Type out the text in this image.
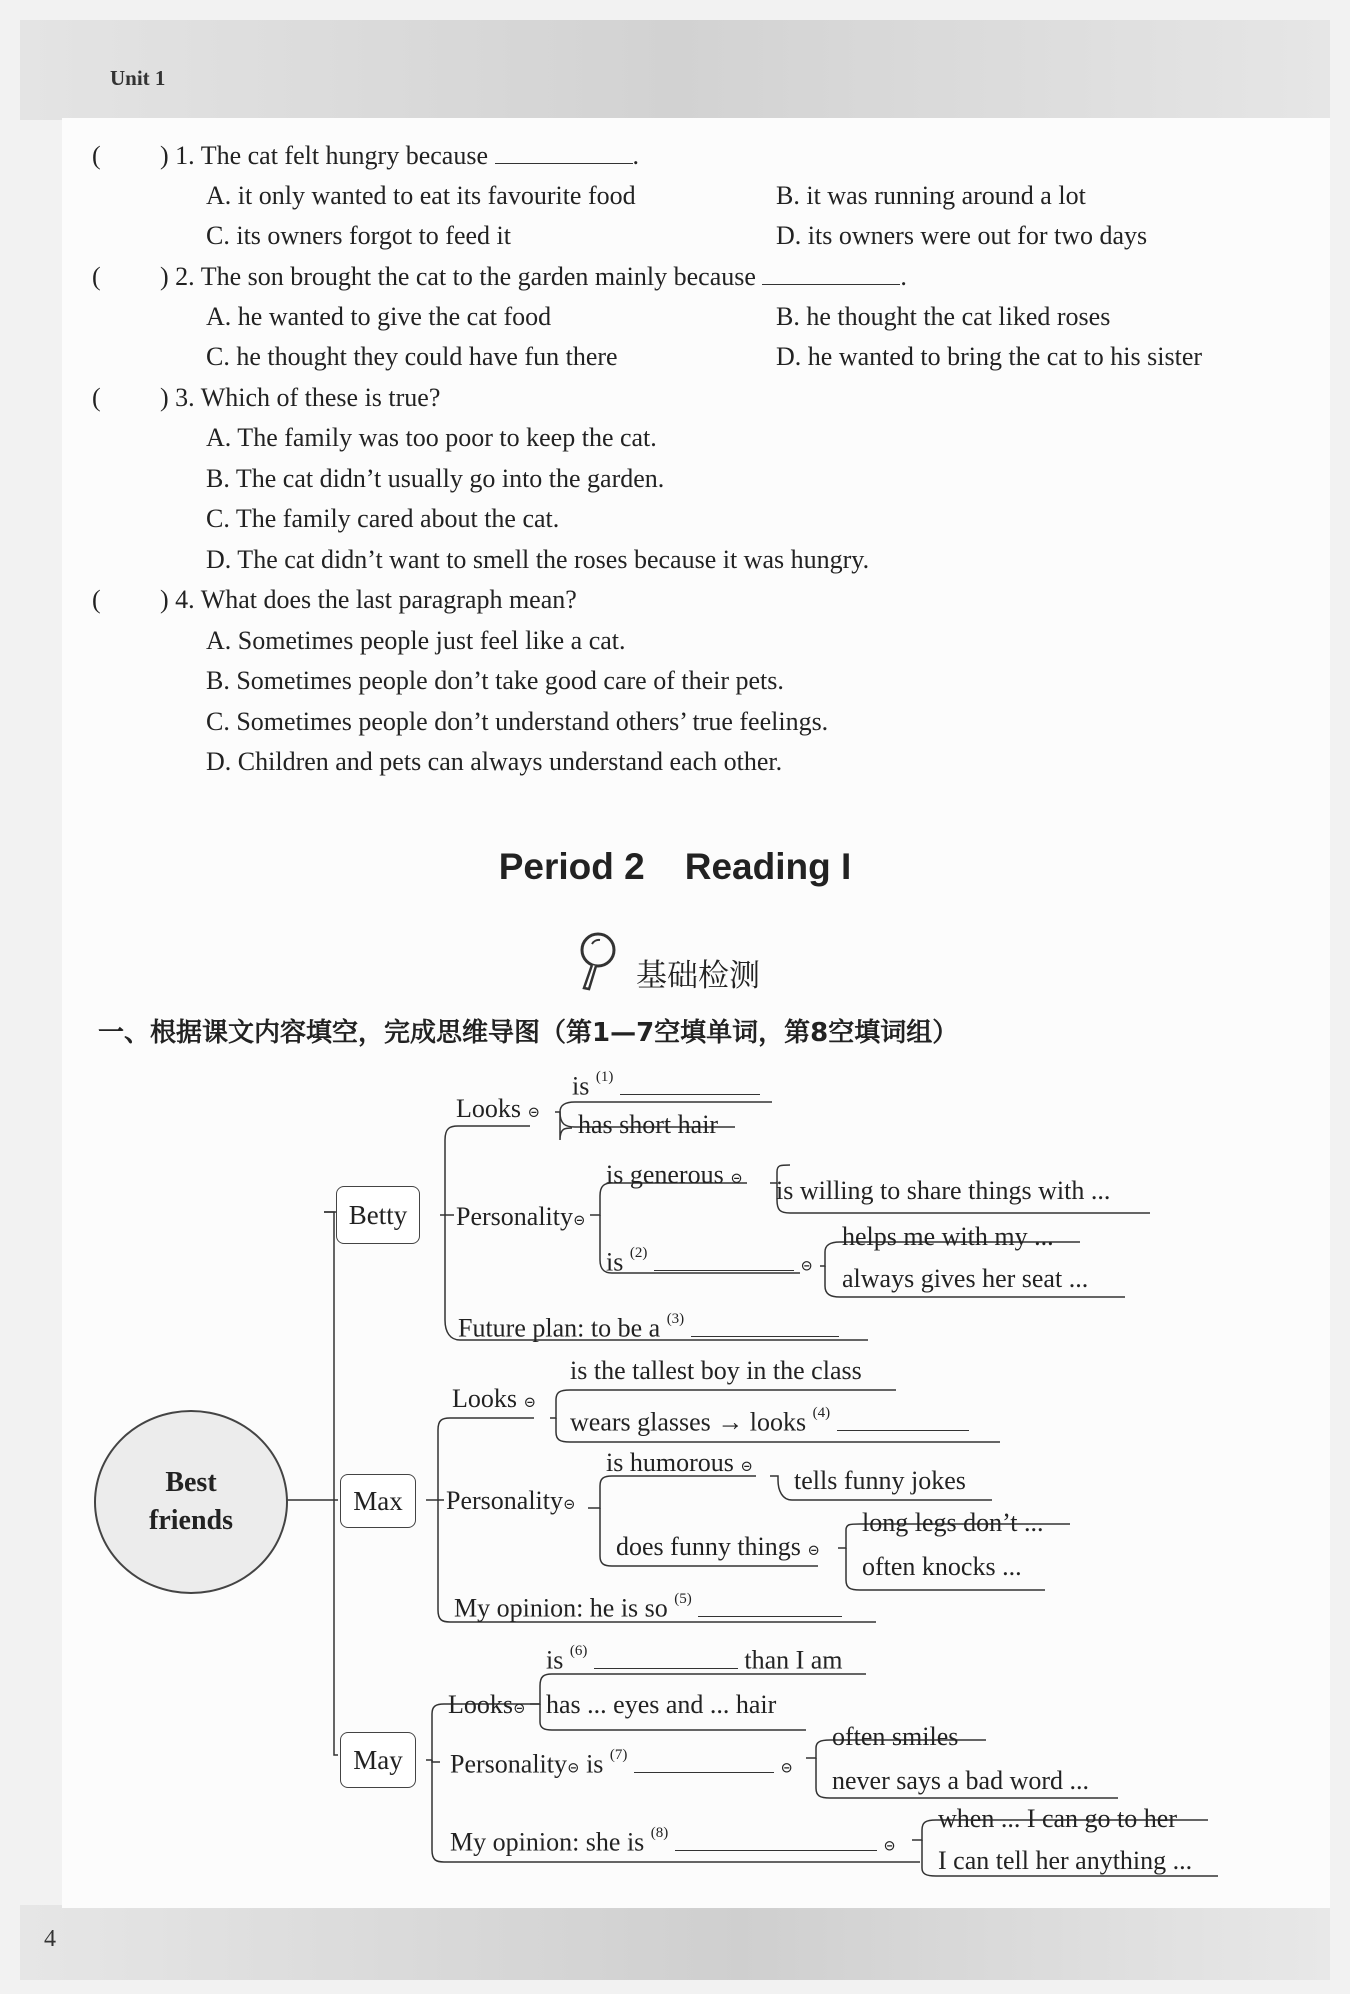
Unit 1
4
( ) 1. The cat felt hungry because	.
A. it only wanted to eat its favourite food	B. it was running around a lot
C. its owners forgot to feed it	D. its owners were out for two days
( ) 2. The son brought the cat to the garden mainly because	.
A. he wanted to give the cat food	B. he thought the cat liked roses
C. he thought they could have fun there	D. he wanted to bring the cat to his sister
( ) 3. Which of these is true?
A. The family was too poor to keep the cat.
B. The cat didn’t usually go into the garden.
C. The family cared about the cat.
D. The cat didn’t want to smell the roses because it was hungry.
( ) 4. What does the last paragraph mean?
A. Sometimes people just feel like a cat.
B. Sometimes people don’t take good care of their pets.
C. Sometimes people don’t understand others’ true feelings.
D. Children and pets can always understand each other.
Period 2 Reading I
基础检测
一、根据课文内容填空，完成思维导图（第1—7空填单词，第8空填词组）
Best
friends
Betty
Max
May
is $^{(1)}$
Looks ⊝ has short hair
is generous ⊝ is willing to share things with ...
Personality⊝
helps me with my ...
is $^{(2)}$  ⊝ always gives her seat ...
Future plan: to be a $^{(3)}$
is the tallest boy in the class
Looks ⊝
wears glasses → looks $^{(4)}$
is humorous ⊝ tells funny jokes
Personality⊝
long legs don’t ...
does funny things ⊝
often knocks ...
My opinion: he is so $^{(5)}$
is $^{(6)}$	than I am
Looks⊝ has ... eyes and ... hair
often smiles
Personality⊝ is $^{(7)}$  ⊝ never says a bad word ...
when ... I can go to her
My opinion: she is $^{(8)}$  ⊝ I can tell her anything ...
